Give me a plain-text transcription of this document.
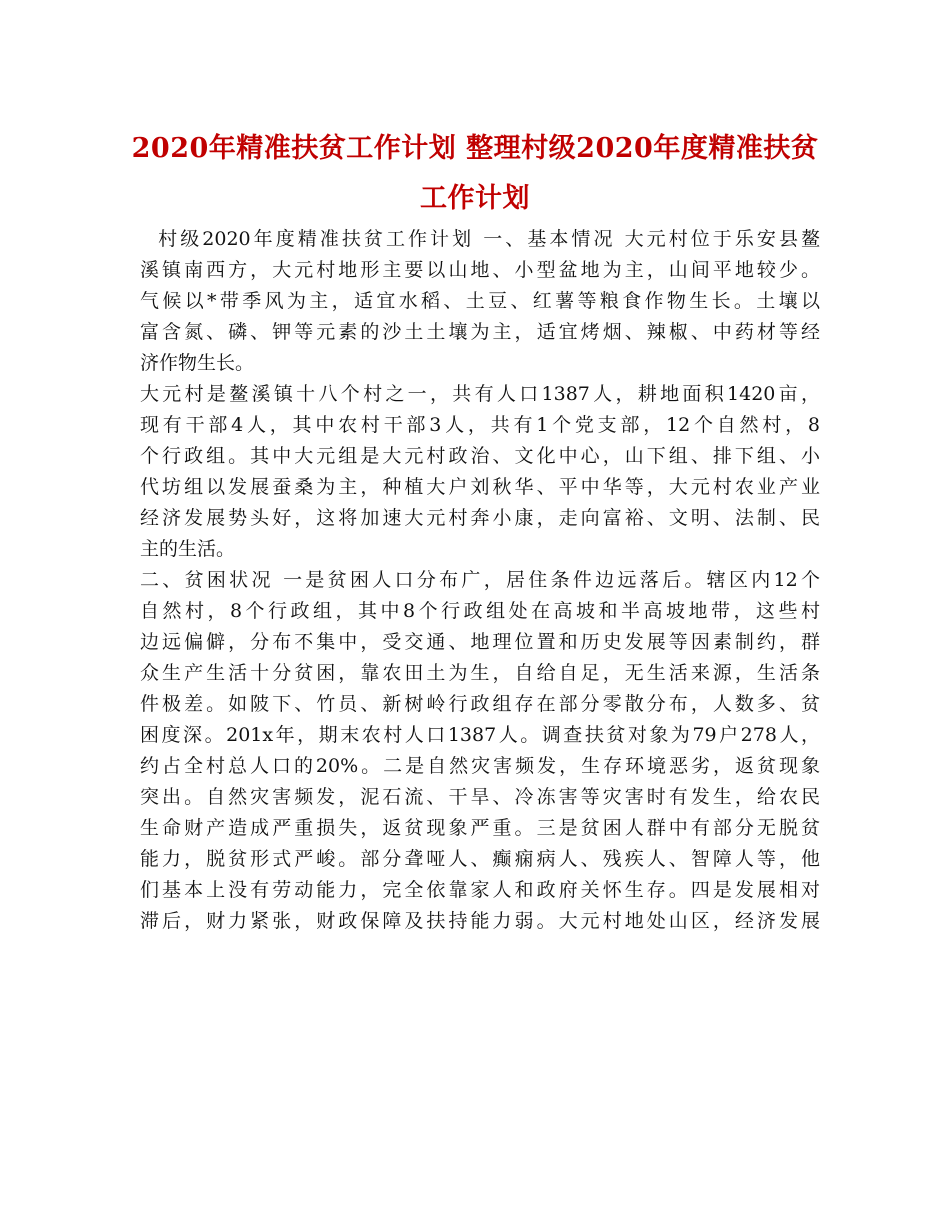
2020年精准扶贫工作计划 整理村级2020年度精准扶贫
工作计划
村级2020年度精准扶贫工作计划 一、基本情况 大元村位于乐安县鳌
溪镇南西方，大元村地形主要以山地、小型盆地为主，山间平地较少。
气候以*带季风为主，适宜水稻、土豆、红薯等粮食作物生长。土壤以
富含氮、磷、钾等元素的沙土土壤为主，适宜烤烟、辣椒、中药材等经
济作物生长。
大元村是鳌溪镇十八个村之一，共有人口1387人，耕地面积1420亩，
现有干部4人，其中农村干部3人，共有1个党支部，12个自然村，8
个行政组。其中大元组是大元村政治、文化中心，山下组、排下组、小
代坊组以发展蚕桑为主，种植大户刘秋华、平中华等，大元村农业产业
经济发展势头好，这将加速大元村奔小康，走向富裕、文明、法制、民
主的生活。
二、贫困状况 一是贫困人口分布广，居住条件边远落后。辖区内12个
自然村，8个行政组，其中8个行政组处在高坡和半高坡地带，这些村
边远偏僻，分布不集中，受交通、地理位置和历史发展等因素制约，群
众生产生活十分贫困，靠农田土为生，自给自足，无生活来源，生活条
件极差。如陂下、竹员、新树岭行政组存在部分零散分布，人数多、贫
困度深。201x年，期末农村人口1387人。调查扶贫对象为79户278人，
约占全村总人口的20%。二是自然灾害频发，生存环境恶劣，返贫现象
突出。自然灾害频发，泥石流、干旱、冷冻害等灾害时有发生，给农民
生命财产造成严重损失，返贫现象严重。三是贫困人群中有部分无脱贫
能力，脱贫形式严峻。部分聋哑人、癫痫病人、残疾人、智障人等，他
们基本上没有劳动能力，完全依靠家人和政府关怀生存。四是发展相对
滞后，财力紧张，财政保障及扶持能力弱。大元村地处山区，经济发展
